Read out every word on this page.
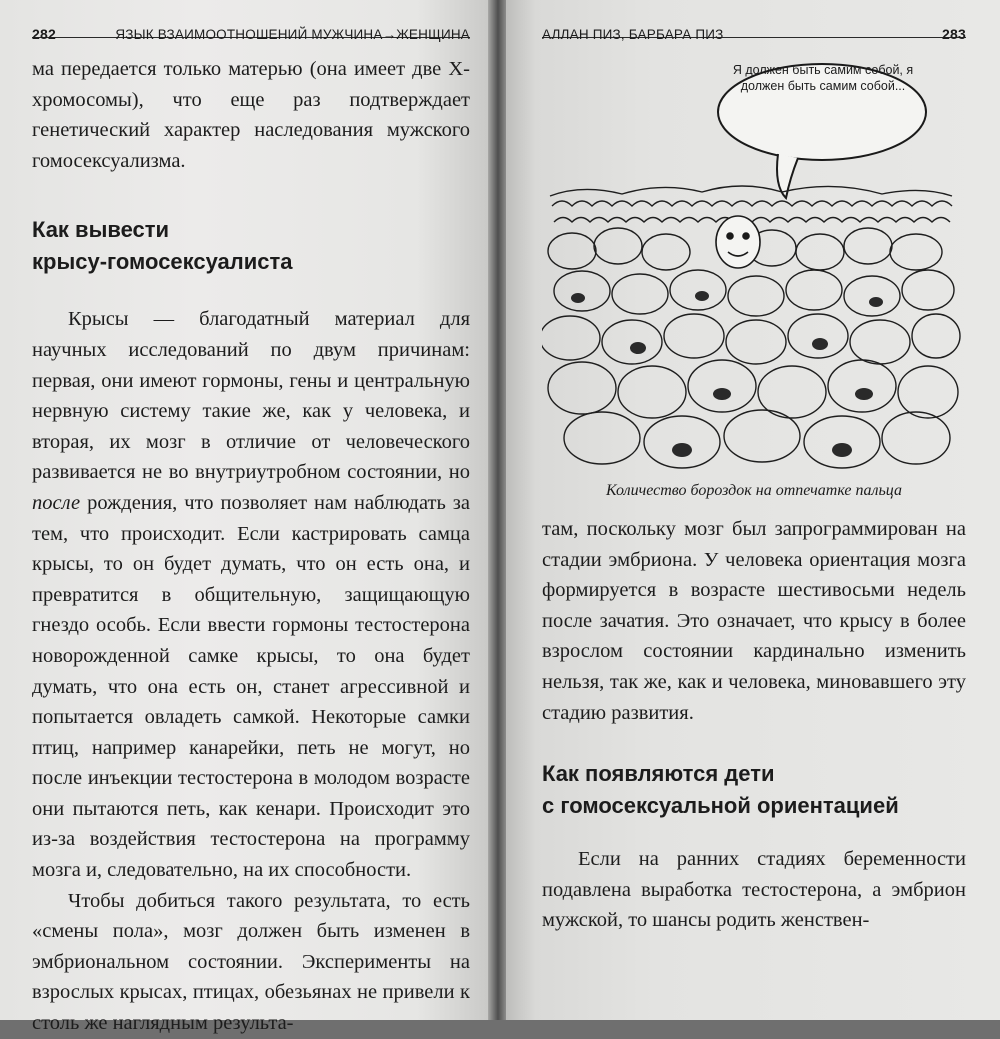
282	ЯЗЫК ВЗАИМООТНОШЕНИЙ МУЖЧИНА→ЖЕНЩИНА

ма передается только матерью (она имеет две Х-хромосомы), что еще раз подтверждает генетический характер наследования мужского гомосексуализма.

Как вывести
крысу-гомосексуалиста

Крысы — благодатный материал для научных исследований по двум причинам: первая, они имеют гормоны, гены и центральную нервную систему такие же, как у человека, и вторая, их мозг в отличие от человеческого развивается не во внутриутробном состоянии, но после рождения, что позволяет нам наблюдать за тем, что происходит. Если кастрировать самца крысы, то он будет думать, что он есть она, и превратится в общительную, защищающую гнездо особь. Если ввести гормоны тестостерона новорожденной самке крысы, то она будет думать, что она есть он, станет агрессивной и попытается овладеть самкой. Некоторые самки птиц, например канарейки, петь не могут, но после инъекции тестостерона в молодом возрасте они пытаются петь, как кенари. Происходит это из-за воздействия тестостерона на программу мозга и, следовательно, на их способности.

Чтобы добиться такого результата, то есть «смены пола», мозг должен быть изменен в эмбриональном состоянии. Эксперименты на взрослых крысах, птицах, обезьянах не привели к столь же наглядным результа-

АЛЛАН ПИЗ, БАРБАРА ПИЗ	283
Я должен быть самим собой, я должен быть самим собой...
Количество бороздок на отпечатке пальца

там, поскольку мозг был запрограммирован на стадии эмбриона. У человека ориентация мозга формируется в возрасте шестивосьми недель после зачатия. Это означает, что крысу в более взрослом состоянии кардинально изменить нельзя, так же, как и человека, миновавшего эту стадию развития.

Как появляются дети
с гомосексуальной ориентацией

Если на ранних стадиях беременности подавлена выработка тестостерона, а эмбрион мужской, то шансы родить женствен-
